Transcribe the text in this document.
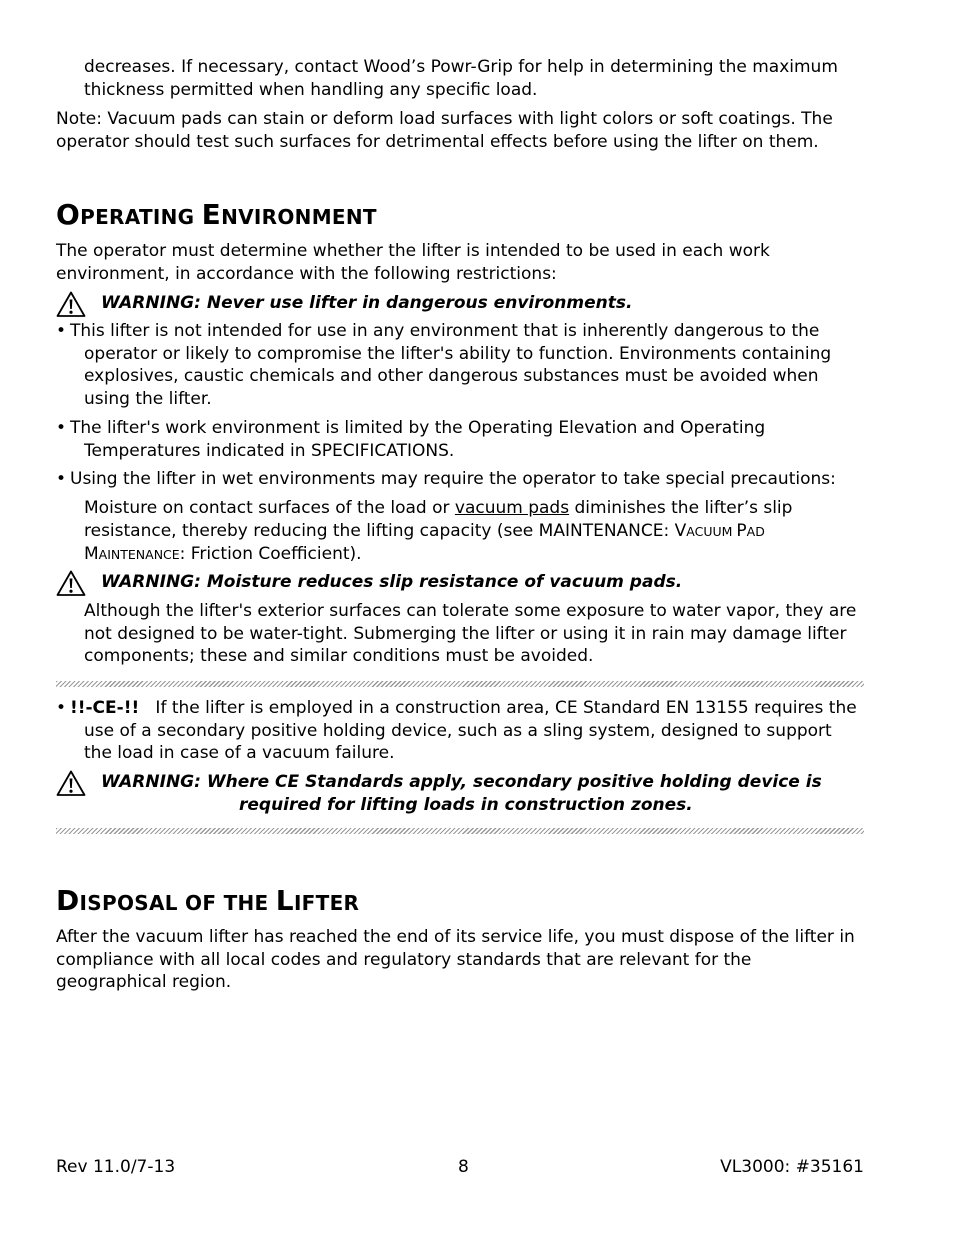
decreases. If necessary, contact Wood’s Powr-Grip for help in determining the maximum thickness permitted when handling any specific load.

Note: Vacuum pads can stain or deform load surfaces with light colors or soft coatings. The operator should test such surfaces for detrimental effects before using the lifter on them.

OPERATING ENVIRONMENT

The operator must determine whether the lifter is intended to be used in each work environment, in accordance with the following restrictions:

WARNING: Never use lifter in dangerous environments.

• This lifter is not intended for use in any environment that is inherently dangerous to the operator or likely to compromise the lifter's ability to function. Environments containing explosives, caustic chemicals and other dangerous substances must be avoided when using the lifter.

• The lifter's work environment is limited by the Operating Elevation and Operating Temperatures indicated in SPECIFICATIONS.

• Using the lifter in wet environments may require the operator to take special precautions:

Moisture on contact surfaces of the load or vacuum pads diminishes the lifter’s slip resistance, thereby reducing the lifting capacity (see MAINTENANCE: VACUUM PAD MAINTENANCE: Friction Coefficient).

WARNING: Moisture reduces slip resistance of vacuum pads.

Although the lifter's exterior surfaces can tolerate some exposure to water vapor, they are not designed to be water-tight. Submerging the lifter or using it in rain may damage lifter components; these and similar conditions must be avoided.

• !!-CE-!!   If the lifter is employed in a construction area, CE Standard EN 13155 requires the use of a secondary positive holding device, such as a sling system, designed to support the load in case of a vacuum failure.

WARNING: Where CE Standards apply, secondary positive holding device is
required for lifting loads in construction zones.
DISPOSAL OF THE LIFTER

After the vacuum lifter has reached the end of its service life, you must dispose of the lifter in compliance with all local codes and regulatory standards that are relevant for the geographical region.

Rev 11.0/7-13	8	VL3000: #35161
